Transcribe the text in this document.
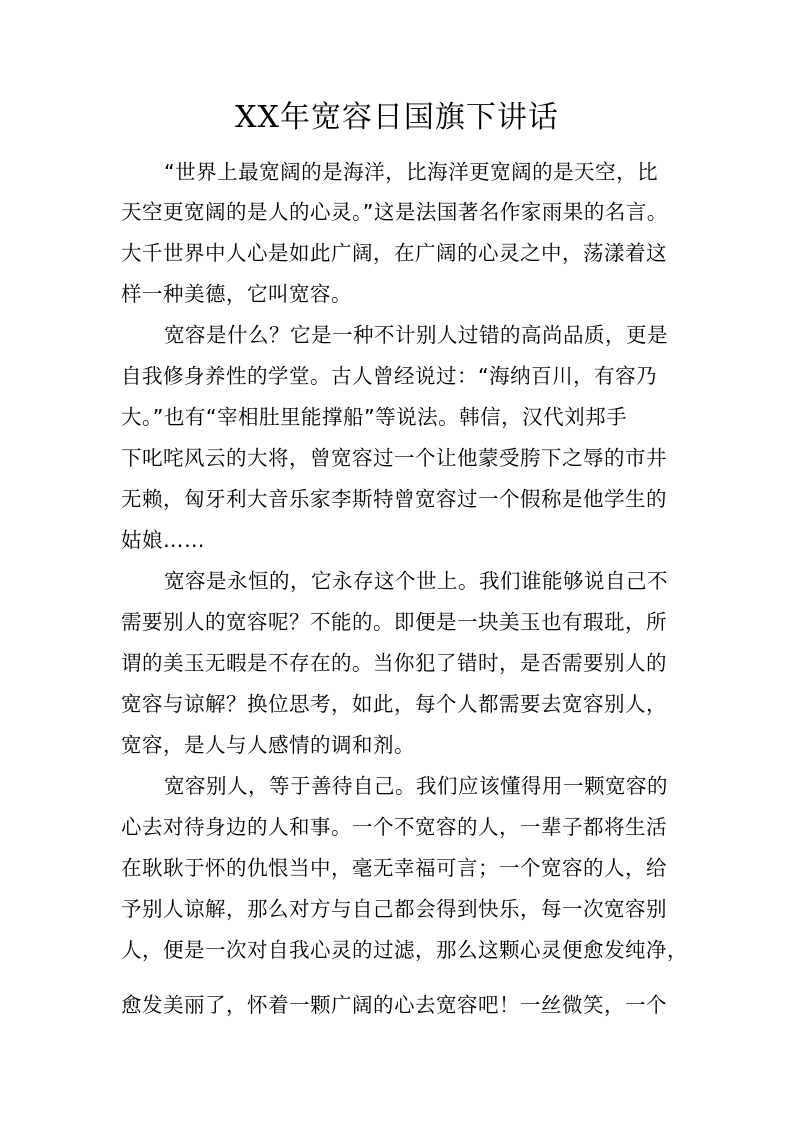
XX年宽容日国旗下讲话

“世界上最宽阔的是海洋，比海洋更宽阔的是天空，比

天空更宽阔的是人的心灵。”这是法国著名作家雨果的名言。

大千世界中人心是如此广阔，在广阔的心灵之中，荡漾着这

样一种美德，它叫宽容。

宽容是什么？它是一种不计别人过错的高尚品质，更是

自我修身养性的学堂。古人曾经说过：“海纳百川，有容乃

大。”也有“宰相肚里能撑船”等说法。韩信，汉代刘邦手

下叱咤风云的大将，曾宽容过一个让他蒙受胯下之辱的市井

无赖，匈牙利大音乐家李斯特曾宽容过一个假称是他学生的

姑娘……

宽容是永恒的，它永存这个世上。我们谁能够说自己不

需要别人的宽容呢？不能的。即便是一块美玉也有瑕玭，所

谓的美玉无暇是不存在的。当你犯了错时，是否需要别人的

宽容与谅解？换位思考，如此，每个人都需要去宽容别人，

宽容，是人与人感情的调和剂。

宽容别人，等于善待自己。我们应该懂得用一颗宽容的

心去对待身边的人和事。一个不宽容的人，一辈子都将生活

在耿耿于怀的仇恨当中，毫无幸福可言；一个宽容的人，给

予别人谅解，那么对方与自己都会得到快乐，每一次宽容别

人，便是一次对自我心灵的过滤，那么这颗心灵便愈发纯净，

愈发美丽了，怀着一颗广阔的心去宽容吧！一丝微笑，一个
